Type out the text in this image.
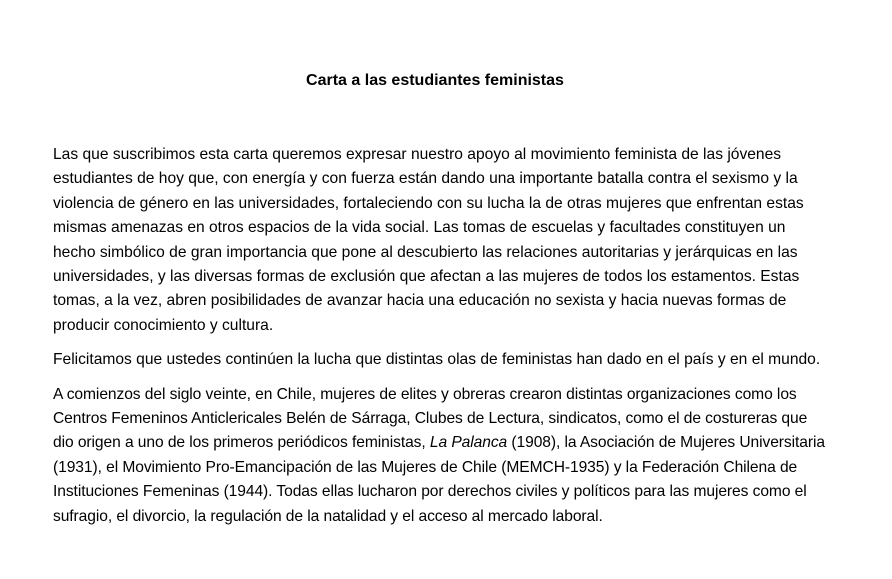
Carta a las estudiantes feministas

Las que suscribimos esta carta queremos expresar nuestro apoyo al movimiento feminista de las jóvenes estudiantes de hoy que, con energía y con fuerza están dando una importante batalla contra el sexismo y la violencia de género en las universidades, fortaleciendo con su lucha la de otras mujeres que enfrentan estas mismas amenazas en otros espacios de la vida social. Las tomas de escuelas y facultades constituyen un hecho simbólico de gran importancia que pone al descubierto las relaciones autoritarias y jerárquicas en las universidades, y las diversas formas de exclusión que afectan a las mujeres de todos los estamentos. Estas tomas, a la vez, abren posibilidades de avanzar hacia una educación no sexista y hacia nuevas formas de producir conocimiento y cultura.

Felicitamos que ustedes continúen la lucha que distintas olas de feministas han dado en el país y en el mundo.

A comienzos del siglo veinte, en Chile, mujeres de elites y obreras crearon distintas organizaciones como los Centros Femeninos Anticlericales Belén de Sárraga, Clubes de Lectura, sindicatos, como el de costureras que dio origen a uno de los primeros periódicos feministas, La Palanca (1908), la Asociación de Mujeres Universitaria (1931), el Movimiento Pro-Emancipación de las Mujeres de Chile (MEMCH-1935) y la Federación Chilena de Instituciones Femeninas (1944). Todas ellas lucharon por derechos civiles y políticos para las mujeres como el sufragio, el divorcio, la regulación de la natalidad y el acceso al mercado laboral.
